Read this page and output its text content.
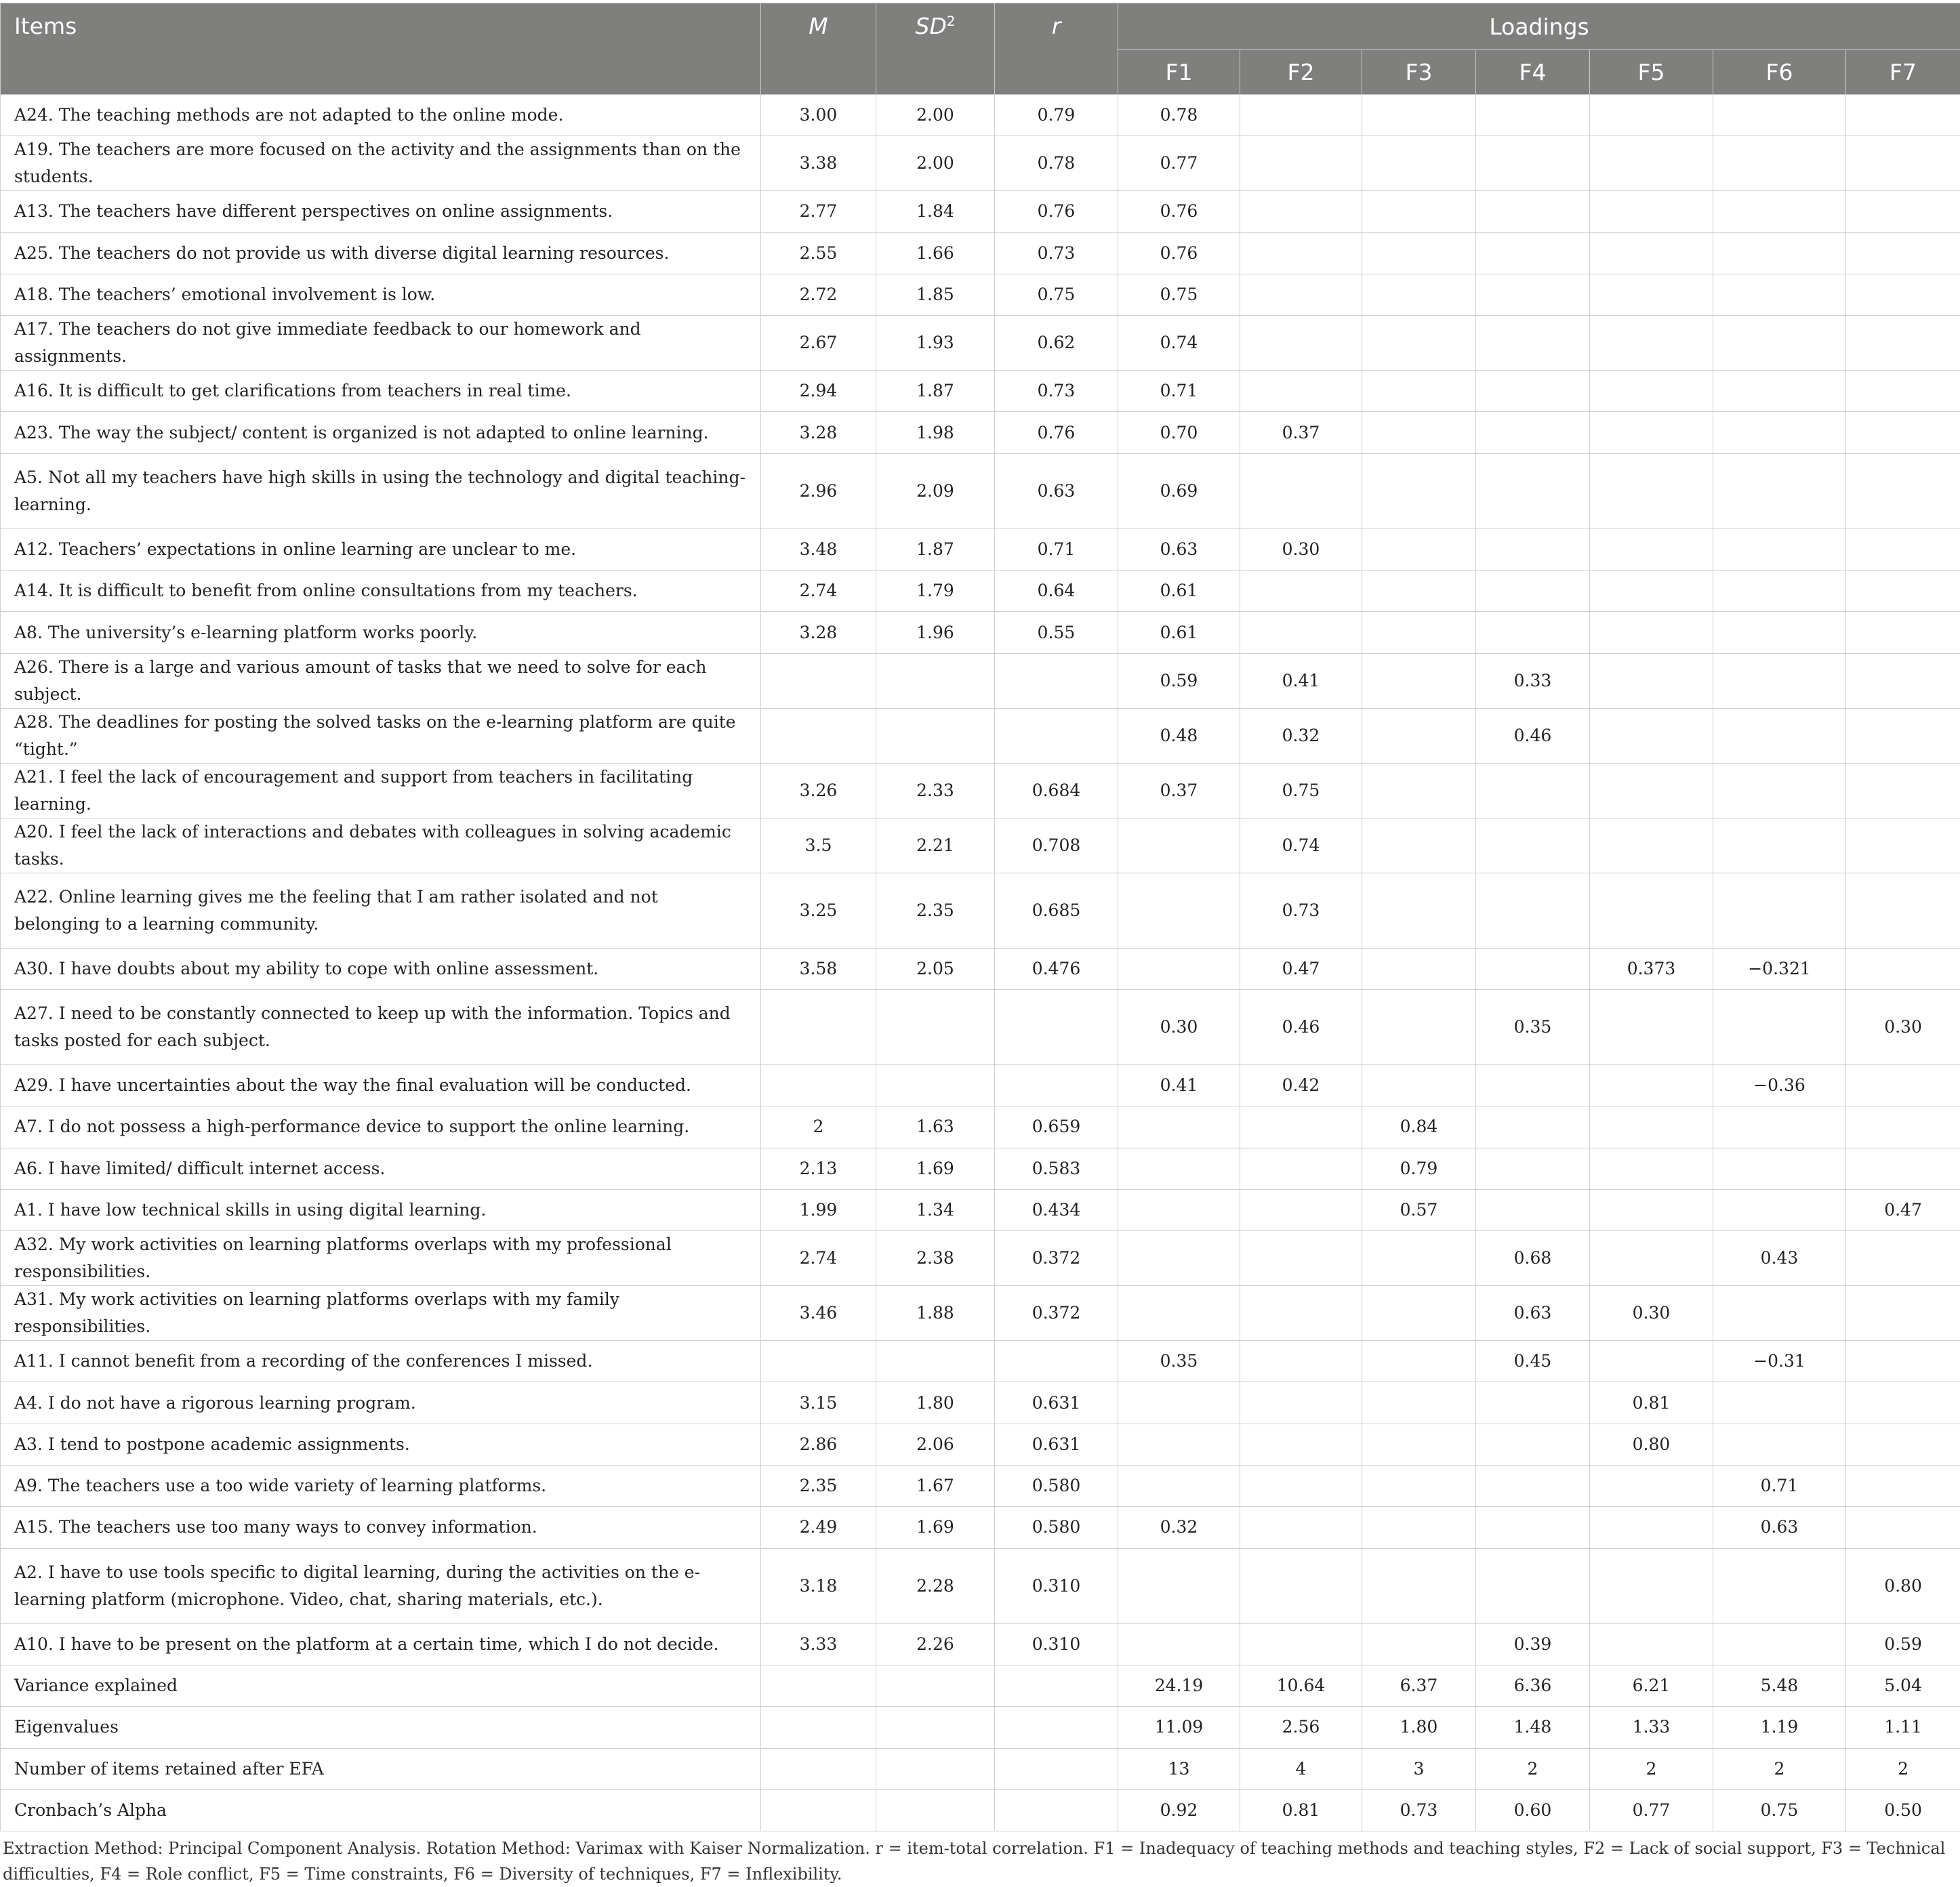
Items	M	$SD^2$	r	Loadings						
				F1	F2	F3	F4	F5	F6	F7
A24. The teaching methods are not adapted to the online mode.	3.00	2.00	0.79	0.78						
A19. The teachers are more focused on the activity and the assignments than on the students.	3.38	2.00	0.78	0.77						
A13. The teachers have different perspectives on online assignments.	2.77	1.84	0.76	0.76						
A25. The teachers do not provide us with diverse digital learning resources.	2.55	1.66	0.73	0.76						
A18. The teachers’ emotional involvement is low.	2.72	1.85	0.75	0.75						
A17. The teachers do not give immediate feedback to our homework and assignments.	2.67	1.93	0.62	0.74						
A16. It is difficult to get clarifications from teachers in real time.	2.94	1.87	0.73	0.71						
A23. The way the subject/ content is organized is not adapted to online learning.	3.28	1.98	0.76	0.70	0.37					
A5. Not all my teachers have high skills in using the technology and digital teaching-learning.	2.96	2.09	0.63	0.69						
A12. Teachers’ expectations in online learning are unclear to me.	3.48	1.87	0.71	0.63	0.30					
A14. It is difficult to benefit from online consultations from my teachers.	2.74	1.79	0.64	0.61						
A8. The university’s e-learning platform works poorly.	3.28	1.96	0.55	0.61						
A26. There is a large and various amount of tasks that we need to solve for each subject.				0.59	0.41		0.33			
A28. The deadlines for posting the solved tasks on the e-learning platform are quite “tight.”				0.48	0.32		0.46			
A21. I feel the lack of encouragement and support from teachers in facilitating learning.	3.26	2.33	0.684	0.37	0.75					
A20. I feel the lack of interactions and debates with colleagues in solving academic tasks.	3.5	2.21	0.708		0.74					
A22. Online learning gives me the feeling that I am rather isolated and not belonging to a learning community.	3.25	2.35	0.685		0.73					
A30. I have doubts about my ability to cope with online assessment.	3.58	2.05	0.476		0.47			0.373	−0.321	
A27. I need to be constantly connected to keep up with the information. Topics and tasks posted for each subject.				0.30	0.46		0.35			0.30
A29. I have uncertainties about the way the final evaluation will be conducted.				0.41	0.42				−0.36	
A7. I do not possess a high-performance device to support the online learning.	2	1.63	0.659			0.84				
A6. I have limited/ difficult internet access.	2.13	1.69	0.583			0.79				
A1. I have low technical skills in using digital learning.	1.99	1.34	0.434			0.57				0.47
A32. My work activities on learning platforms overlaps with my professional responsibilities.	2.74	2.38	0.372				0.68		0.43	
A31. My work activities on learning platforms overlaps with my family responsibilities.	3.46	1.88	0.372				0.63	0.30		
A11. I cannot benefit from a recording of the conferences I missed.				0.35			0.45		−0.31	
A4. I do not have a rigorous learning program.	3.15	1.80	0.631					0.81		
A3. I tend to postpone academic assignments.	2.86	2.06	0.631					0.80		
A9. The teachers use a too wide variety of learning platforms.	2.35	1.67	0.580						0.71	
A15. The teachers use too many ways to convey information.	2.49	1.69	0.580	0.32					0.63	
A2. I have to use tools specific to digital learning, during the activities on the e-learning platform (microphone. Video, chat, sharing materials, etc.).	3.18	2.28	0.310							0.80
A10. I have to be present on the platform at a certain time, which I do not decide.	3.33	2.26	0.310				0.39			0.59
Variance explained				24.19	10.64	6.37	6.36	6.21	5.48	5.04
Eigenvalues				11.09	2.56	1.80	1.48	1.33	1.19	1.11
Number of items retained after EFA				13	4	3	2	2	2	2
Cronbach’s Alpha				0.92	0.81	0.73	0.60	0.77	0.75	0.50
Extraction Method: Principal Component Analysis. Rotation Method: Varimax with Kaiser Normalization. r = item-total correlation. F1 = Inadequacy of teaching methods and teaching styles, F2 = Lack of social support, F3 = Technical difficulties, F4 = Role conflict, F5 = Time constraints, F6 = Diversity of techniques, F7 = Inflexibility.
